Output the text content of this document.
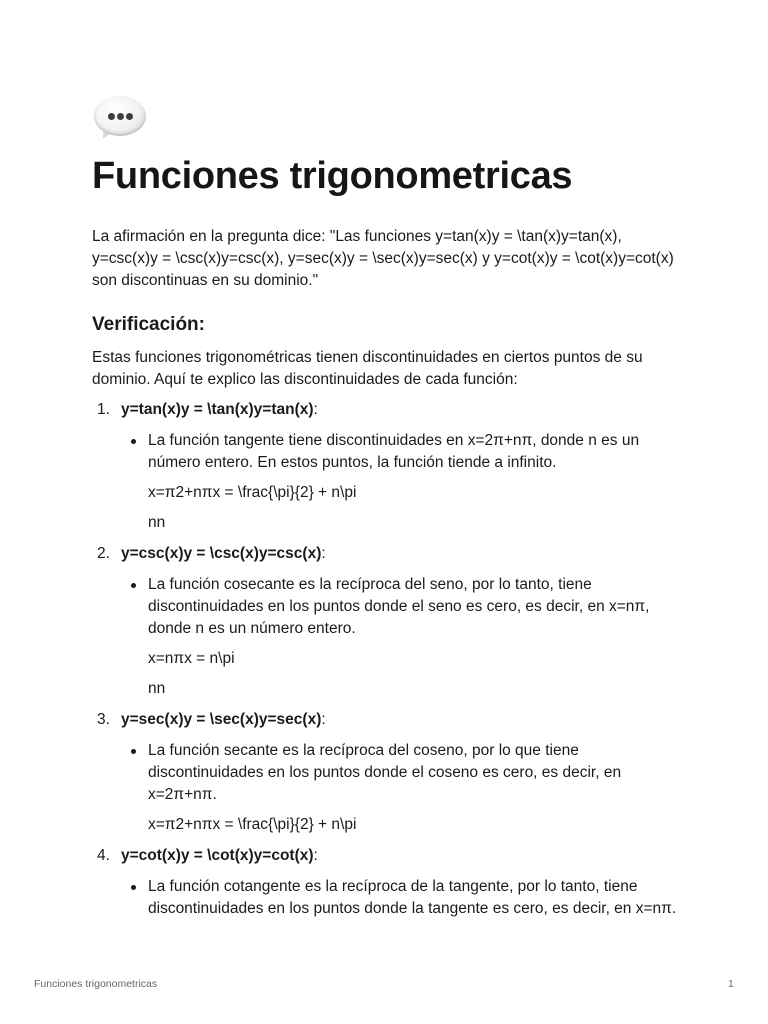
Funciones trigonometricas
La afirmación en la pregunta dice: "Las funciones y=tan(x)y = \tan(x)y=tan(x), y=csc(x)y = \csc(x)y=csc(x), y=sec(x)y = \sec(x)y=sec(x) y y=cot(x)y = \cot(x)y=cot(x) son discontinuas en su dominio."
Verificación:
Estas funciones trigonométricas tienen discontinuidades en ciertos puntos de su dominio. Aquí te explico las discontinuidades de cada función:
1. y=tan(x)y = \tan(x)y=tan(x):
La función tangente tiene discontinuidades en x=2π+nπ, donde n es un número entero. En estos puntos, la función tiende a infinito.
x=π2+nπx = \frac{\pi}{2} + n\pi
nn
2. y=csc(x)y = \csc(x)y=csc(x):
La función cosecante es la recíproca del seno, por lo tanto, tiene discontinuidades en los puntos donde el seno es cero, es decir, en x=nπ, donde n es un número entero.
x=nπx = n\pi
nn
3. y=sec(x)y = \sec(x)y=sec(x):
La función secante es la recíproca del coseno, por lo que tiene discontinuidades en los puntos donde el coseno es cero, es decir, en x=2π+nπ.
x=π2+nπx = \frac{\pi}{2} + n\pi
4. y=cot(x)y = \cot(x)y=cot(x):
La función cotangente es la recíproca de la tangente, por lo tanto, tiene discontinuidades en los puntos donde la tangente es cero, es decir, en x=nπ.
Funciones trigonometricas	1
